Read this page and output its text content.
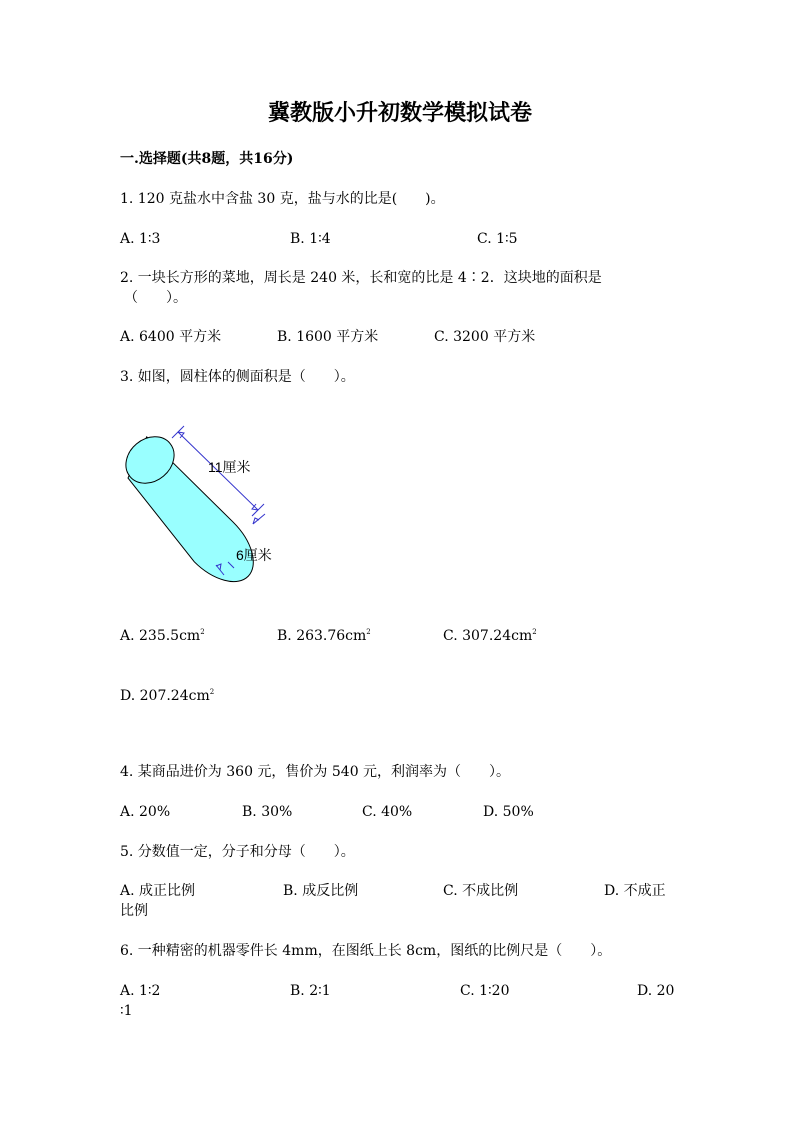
冀教版小升初数学模拟试卷
一.选择题(共8题，共16分)
1. 120 克盐水中含盐 30 克，盐与水的比是(　　)。
A. 1∶3	B. 1∶4	C. 1∶5
2. 一块长方形的菜地，周长是 240 米，长和宽的比是 4∶2．这块地的面积是
（　　）。
A. 6400 平方米	B. 1600 平方米	C. 3200 平方米
3. 如图，圆柱体的侧面积是（　　）。
11厘米
6厘米
A. $235.5cm^2$	B. $263.76cm^2$	C. $307.24cm^2$
D. $207.24cm^2$
4. 某商品进价为 360 元，售价为 540 元，利润率为（　　）。
A. 20%	B. 30%	C. 40%	D. 50%
5. 分数值一定，分子和分母（　　）。
A. 成正比例	B. 成反比例	C. 不成比例	D. 不成正
比例
6. 一种精密的机器零件长 4mm，在图纸上长 8cm，图纸的比例尺是（　　）。
A. 1∶2	B. 2∶1	C. 1∶20	D. 20
∶1
